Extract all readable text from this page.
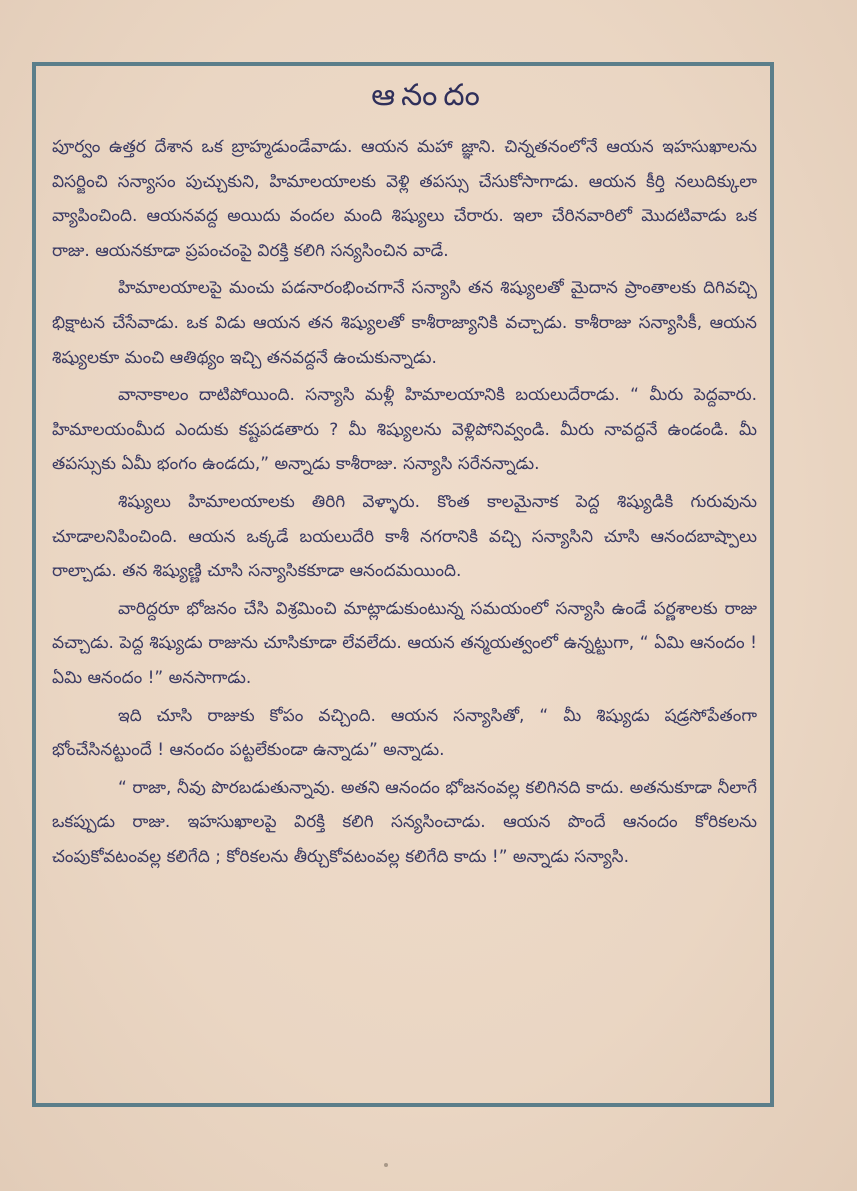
ఆనందం

పూర్వం ఉత్తర దేశాన ఒక బ్రాహ్మడుండేవాడు. ఆయన మహా జ్ఞాని. చిన్నతనంలోనే ఆయన ఇహసుఖాలను విసర్జించి సన్యాసం పుచ్చుకుని, హిమాలయాలకు వెళ్లి తపస్సు చేసుకోసాగాడు. ఆయన కీర్తి నలుదిక్కులా వ్యాపించింది. ఆయనవద్ద అయిదు వందల మంది శిష్యులు చేరారు. ఇలా చేరినవారిలో మొదటివాడు ఒక రాజు. ఆయనకూడా ప్రపంచంపై విరక్తి కలిగి సన్యసించిన వాడే.

హిమాలయాలపై మంచు పడనారంభించగానే సన్యాసి తన శిష్యులతో మైదాన ప్రాంతాలకు దిగివచ్చి భిక్షాటన చేసేవాడు. ఒక విడు ఆయన తన శిష్యులతో కాశీరాజ్యానికి వచ్చాడు. కాశీరాజు సన్యాసికీ, ఆయన శిష్యులకూ మంచి ఆతిథ్యం ఇచ్చి తనవద్దనే ఉంచుకున్నాడు.

వానాకాలం దాటిపోయింది. సన్యాసి మళ్లీ హిమాలయానికి బయలుదేరాడు. “ మీరు పెద్దవారు. హిమాలయంమీద ఎందుకు కష్టపడతారు ? మీ శిష్యులను వెళ్లిపోనివ్వండి. మీరు నావద్దనే ఉండండి. మీ తపస్సుకు ఏమీ భంగం ఉండదు,” అన్నాడు కాశీరాజు. సన్యాసి సరేనన్నాడు.

శిష్యులు హిమాలయాలకు తిరిగి వెళ్ళారు. కొంత కాలమైనాక పెద్ద శిష్యుడికి గురువును చూడాలనిపించింది. ఆయన ఒక్కడే బయలుదేరి కాశీ నగరానికి వచ్చి సన్యాసిని చూసి ఆనందబాష్పాలు రాల్చాడు. తన శిష్యుణ్ణి చూసి సన్యాసికకూడా ఆనందమయింది.

వారిద్దరూ భోజనం చేసి విశ్రమించి మాట్లాడుకుంటున్న సమయంలో సన్యాసి ఉండే పర్ణశాలకు రాజు వచ్చాడు. పెద్ద శిష్యుడు రాజును చూసికూడా లేవలేదు. ఆయన తన్మయత్వంలో ఉన్నట్టుగా, “ ఏమి ఆనందం ! ఏమి ఆనందం !” అనసాగాడు.

ఇది చూసి రాజుకు కోపం వచ్చింది. ఆయన సన్యాసితో, “ మీ శిష్యుడు షడ్రసోపేతంగా భోంచేసినట్టుందే ! ఆనందం పట్టలేకుండా ఉన్నాడు” అన్నాడు.

“ రాజా, నీవు పొరబడుతున్నావు. అతని ఆనందం భోజనంవల్ల కలిగినది కాదు. అతనుకూడా నీలాగే ఒకప్పుడు రాజు. ఇహసుఖాలపై విరక్తి కలిగి సన్యసించాడు. ఆయన పొందే ఆనందం కోరికలను చంపుకోవటంవల్ల కలిగేది ; కోరికలను తీర్చుకోవటంవల్ల కలిగేది కాదు !” అన్నాడు సన్యాసి.
